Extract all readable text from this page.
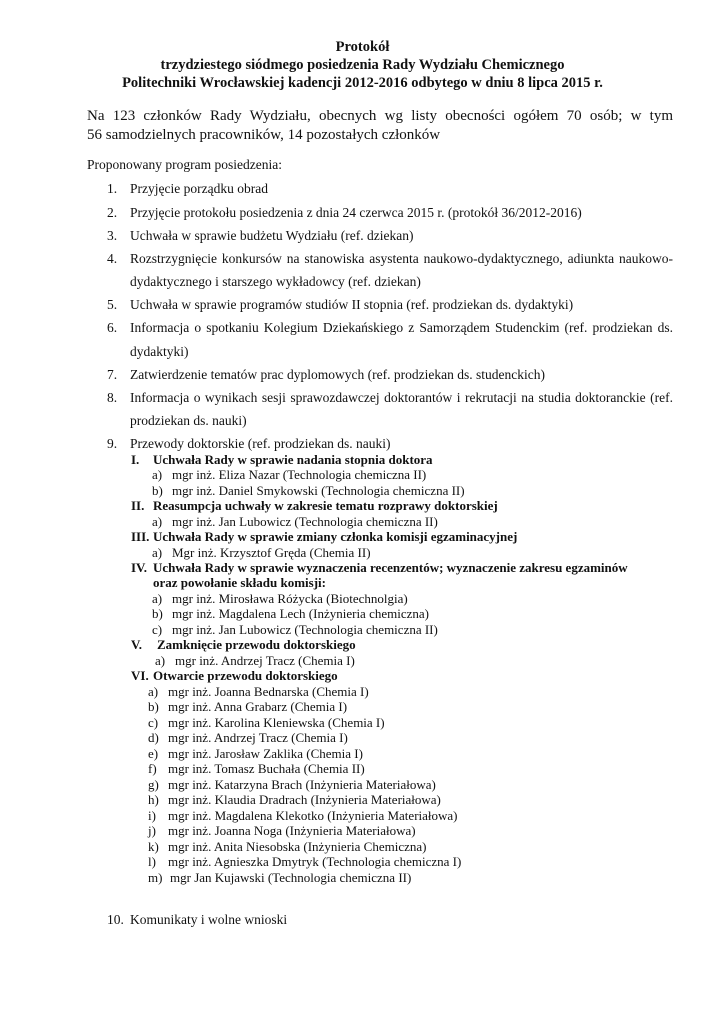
Protokół
trzydziestego siódmego posiedzenia Rady Wydziału Chemicznego
Politechniki Wrocławskiej kadencji 2012-2016 odbytego w dniu 8 lipca 2015 r.
Na 123 członków Rady Wydziału, obecnych wg listy obecności ogółem 70 osób; w tym
56 samodzielnych pracowników, 14 pozostałych członków
Proponowany program posiedzenia:
1. Przyjęcie porządku obrad
2. Przyjęcie protokołu posiedzenia z dnia 24 czerwca 2015 r. (protokół 36/2012-2016)
3. Uchwała w sprawie budżetu Wydziału (ref. dziekan)
4. Rozstrzygnięcie konkursów na stanowiska asystenta naukowo-dydaktycznego, adiunkta naukowo-
dydaktycznego i starszego wykładowcy (ref. dziekan)
5. Uchwała w sprawie programów studiów II stopnia (ref. prodziekan ds. dydaktyki)
6. Informacja o spotkaniu Kolegium Dziekańskiego z Samorządem Studenckim (ref. prodziekan ds.
dydaktyki)
7. Zatwierdzenie tematów prac dyplomowych (ref. prodziekan ds. studenckich)
8. Informacja o wynikach sesji sprawozdawczej doktorantów i rekrutacji na studia doktoranckie (ref.
prodziekan ds. nauki)
9. Przewody doktorskie (ref. prodziekan ds. nauki)
I. Uchwała Rady w sprawie nadania stopnia doktora
a) mgr inż. Eliza Nazar (Technologia chemiczna II)
b) mgr inż. Daniel Smykowski (Technologia chemiczna II)
II. Reasumpcja uchwały w zakresie tematu rozprawy doktorskiej
a) mgr inż. Jan Lubowicz (Technologia chemiczna II)
III. Uchwała Rady w sprawie zmiany członka komisji egzaminacyjnej
a) Mgr inż. Krzysztof Gręda (Chemia II)
IV. Uchwała Rady w sprawie wyznaczenia recenzentów; wyznaczenie zakresu egzaminów
oraz powołanie składu komisji:
a) mgr inż. Mirosława Różycka (Biotechnolgia)
b) mgr inż. Magdalena Lech (Inżynieria chemiczna)
c) mgr inż. Jan Lubowicz (Technologia chemiczna II)
V. Zamknięcie przewodu doktorskiego
a) mgr inż. Andrzej Tracz (Chemia I)
VI. Otwarcie przewodu doktorskiego
a) mgr inż. Joanna Bednarska (Chemia I)
b) mgr inż. Anna Grabarz (Chemia I)
c) mgr inż. Karolina Kleniewska (Chemia I)
d) mgr inż. Andrzej Tracz (Chemia I)
e) mgr inż. Jarosław Zaklika (Chemia I)
f) mgr inż. Tomasz Buchała (Chemia II)
g) mgr inż. Katarzyna Brach (Inżynieria Materiałowa)
h) mgr inż. Klaudia Dradrach (Inżynieria Materiałowa)
i) mgr inż. Magdalena Klekotko (Inżynieria Materiałowa)
j) mgr inż. Joanna Noga (Inżynieria Materiałowa)
k) mgr inż. Anita Niesobska (Inżynieria Chemiczna)
l) mgr inż. Agnieszka Dmytryk (Technologia chemiczna I)
m) mgr Jan Kujawski (Technologia chemiczna II)
10. Komunikaty i wolne wnioski
